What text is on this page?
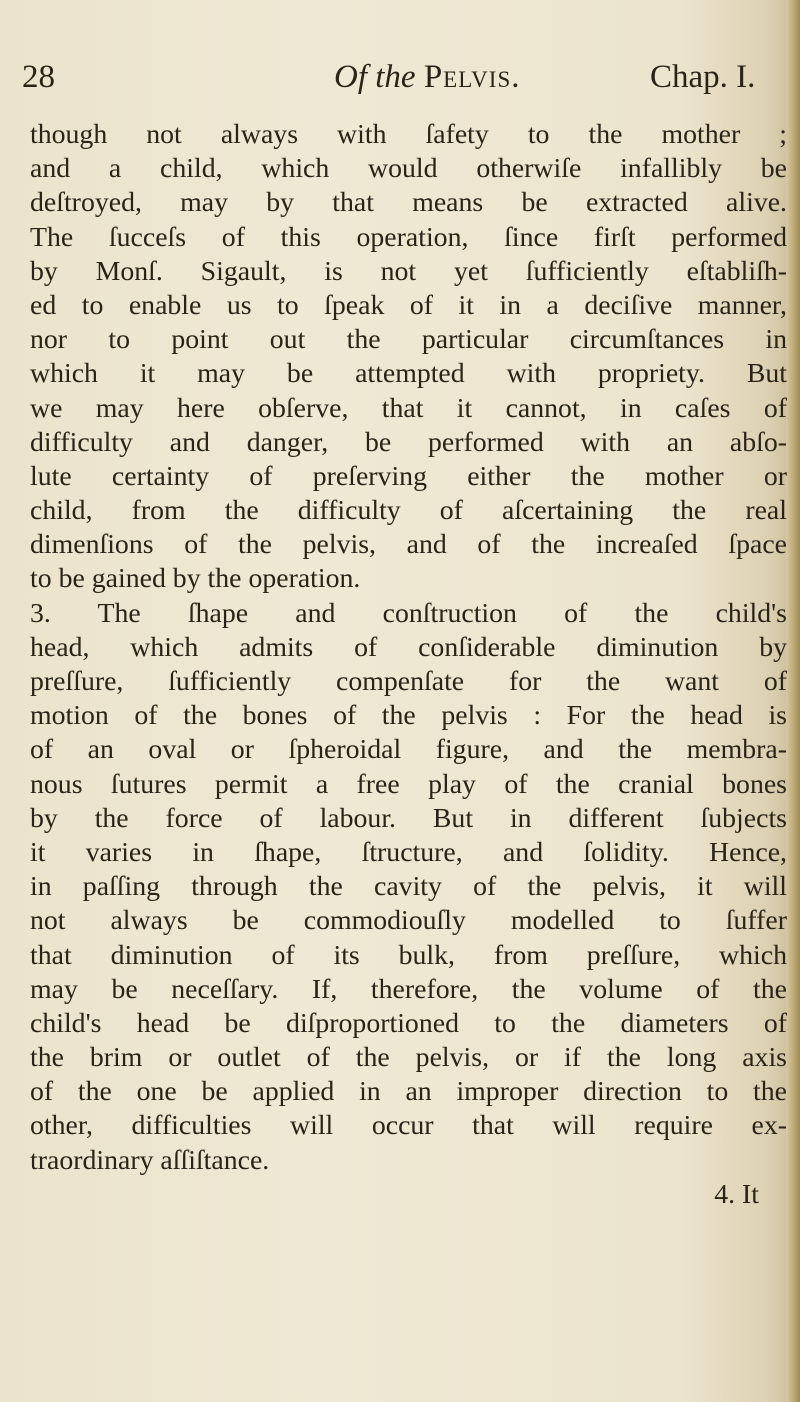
28	Of the Pelvis.	Chap. I.
though not always with ſafety to the mother ;
and a child, which would otherwiſe infallibly be
deſtroyed, may by that means be extracted alive.
The ſucceſs of this operation, ſince firſt performed
by Monſ. Sigault, is not yet ſufficiently eſtabliſh-
ed to enable us to ſpeak of it in a deciſive manner,
nor to point out the particular circumſtances in
which it may be attempted with propriety. But
we may here obſerve, that it cannot, in caſes of
difficulty and danger, be performed with an abſo-
lute certainty of preſerving either the mother or
child, from the difficulty of aſcertaining the real
dimenſions of the pelvis, and of the increaſed ſpace
to be gained by the operation.
3. The ſhape and conſtruction of the child's
head, which admits of conſiderable diminution by
preſſure, ſufficiently compenſate for the want of
motion of the bones of the pelvis : For the head is
of an oval or ſpheroidal figure, and the membra-
nous ſutures permit a free play of the cranial bones
by the force of labour. But in different ſubjects
it varies in ſhape, ſtructure, and ſolidity. Hence,
in paſſing through the cavity of the pelvis, it will
not always be commodiouſly modelled to ſuffer
that diminution of its bulk, from preſſure, which
may be neceſſary. If, therefore, the volume of the
child's head be diſproportioned to the diameters of
the brim or outlet of the pelvis, or if the long axis
of the one be applied in an improper direction to the
other, difficulties will occur that will require ex-
traordinary aſſiſtance.
4. It
